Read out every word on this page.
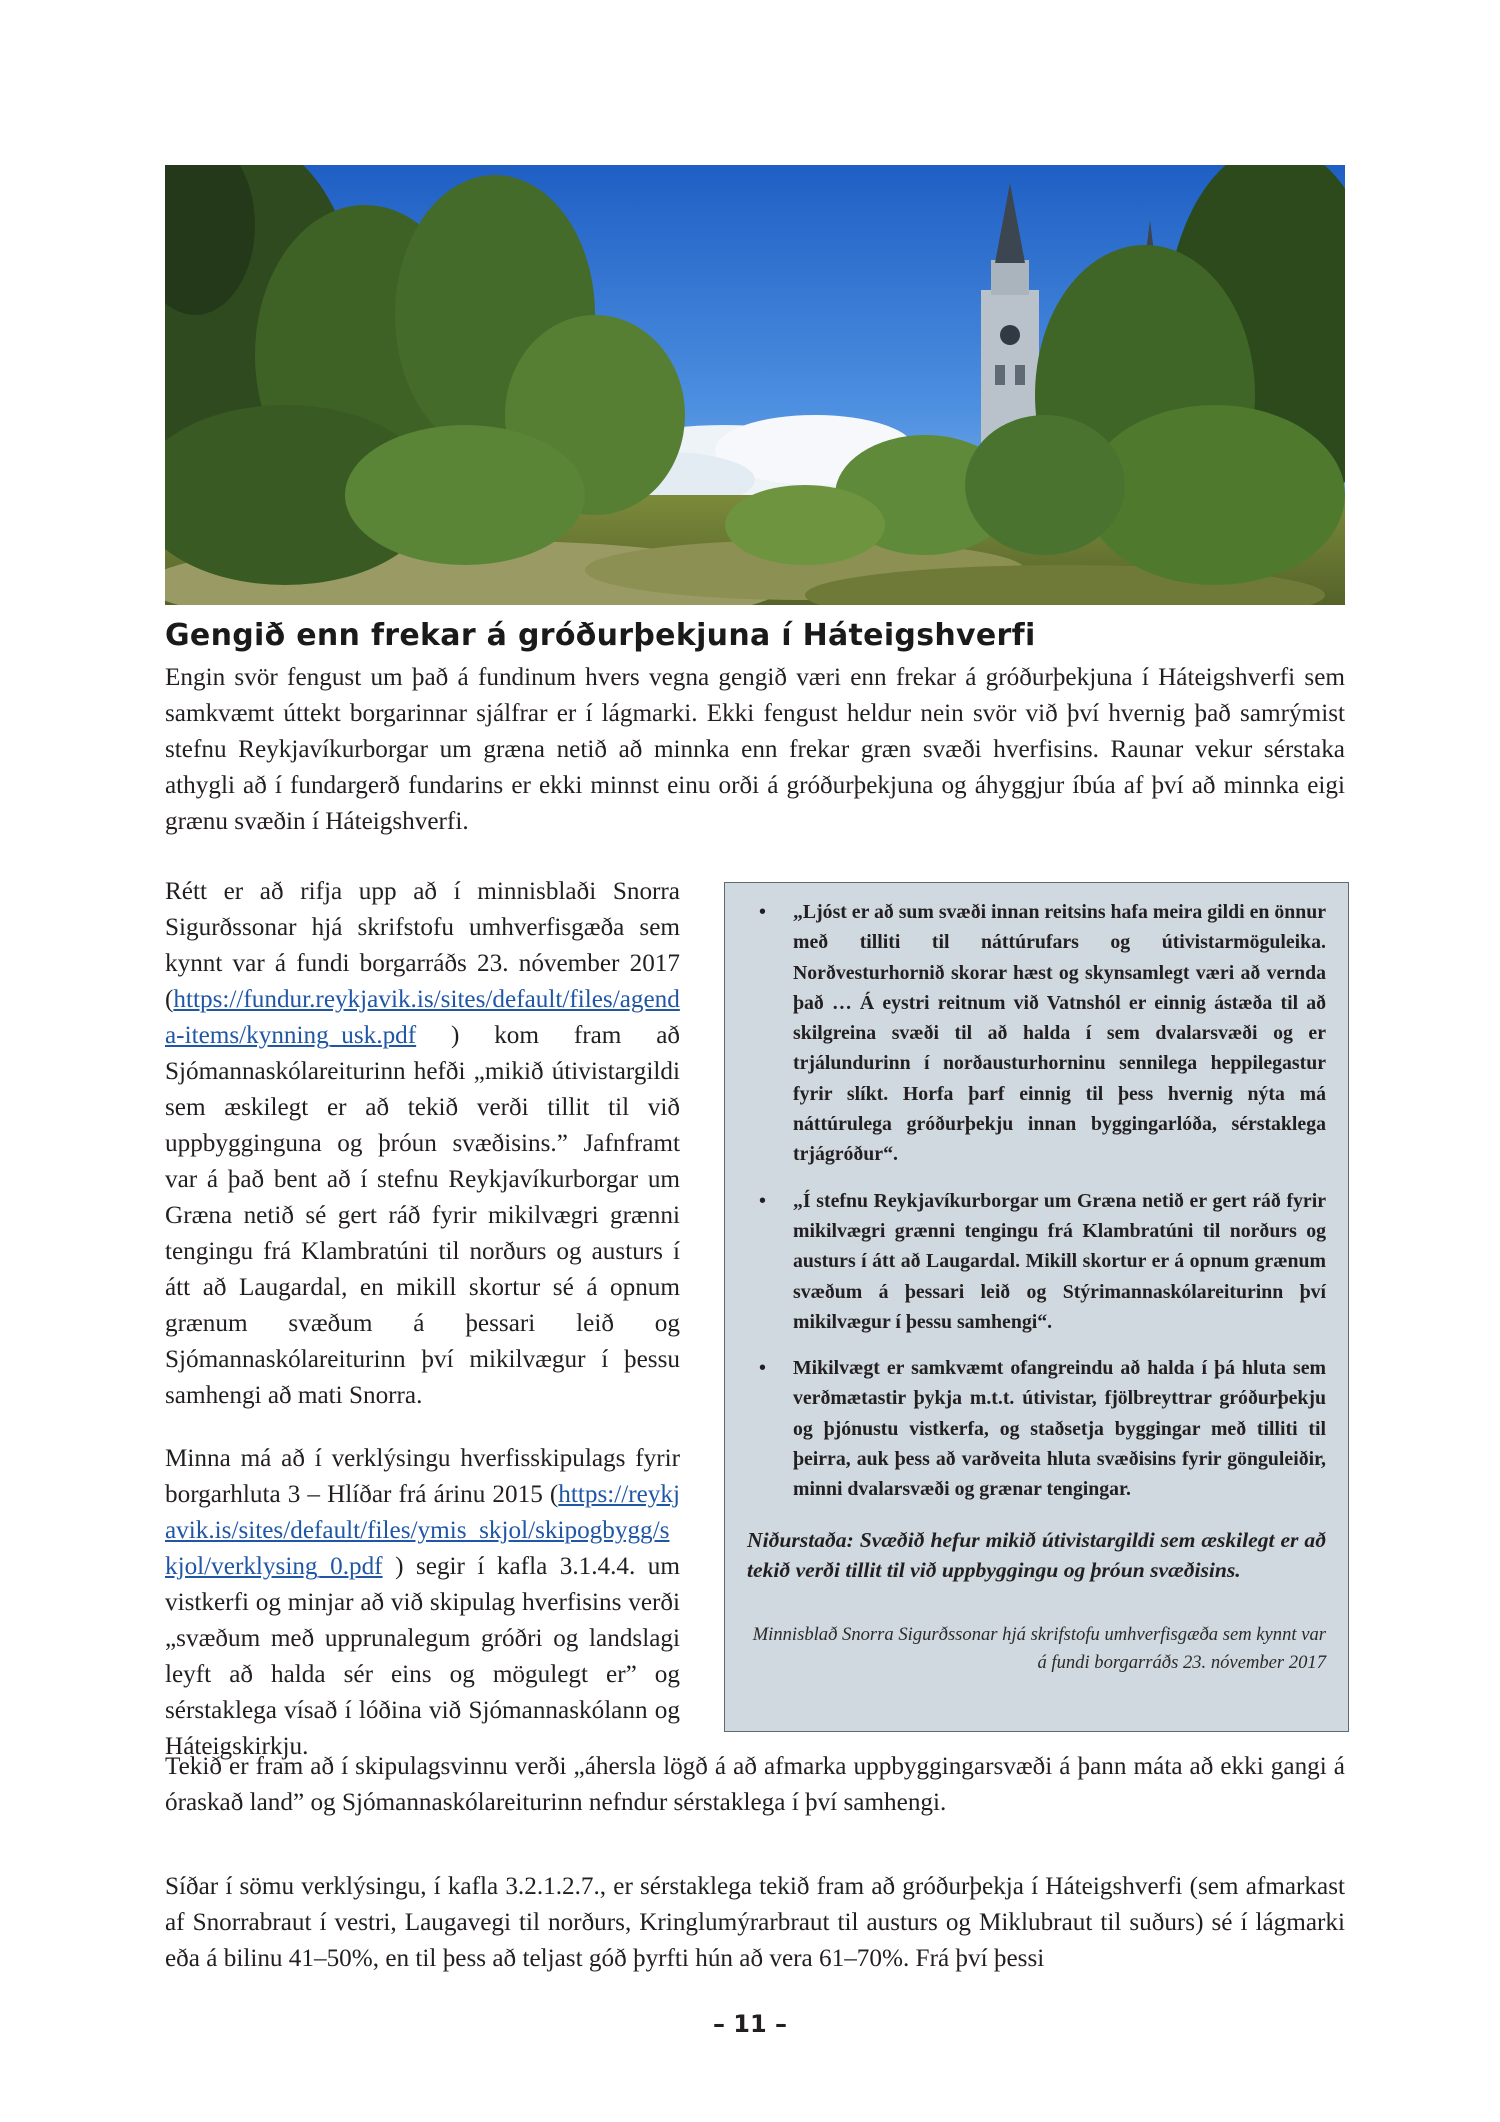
Gengið enn frekar á gróðurþekjuna í Háteigshverfi

Engin svör fengust um það á fundinum hvers vegna gengið væri enn frekar á gróðurþekjuna í Háteigshverfi sem samkvæmt úttekt borgarinnar sjálfrar er í lágmarki. Ekki fengust heldur nein svör við því hvernig það samrýmist stefnu Reykjavíkurborgar um græna netið að minnka enn frekar græn svæði hverfisins. Raunar vekur sérstaka athygli að í fundargerð fundarins er ekki minnst einu orði á gróðurþekjuna og áhyggjur íbúa af því að minnka eigi grænu svæðin í Háteigshverfi.

Rétt er að rifja upp að í minnisblaði Snorra Sigurðssonar hjá skrifstofu umhverfisgæða sem kynnt var á fundi borgarráðs 23. nóvember 2017 (https://fundur.reykjavik.is/sites/default/files/agenda-items/kynning_usk.pdf ) kom fram að Sjómannaskólareiturinn hefði „mikið útivistargildi sem æskilegt er að tekið verði tillit til við uppbygginguna og þróun svæðisins.” Jafnframt var á það bent að í stefnu Reykjavíkurborgar um Græna netið sé gert ráð fyrir mikilvægri grænni tengingu frá Klambratúni til norðurs og austurs í átt að Laugardal, en mikill skortur sé á opnum grænum svæðum á þessari leið og Sjómannaskólareiturinn því mikilvægur í þessu samhengi að mati Snorra.

Minna má að í verklýsingu hverfisskipulags fyrir borgarhluta 3 – Hlíðar frá árinu 2015 (https://reykjavik.is/sites/default/files/ymis_skjol/skipogbygg/skjol/verklysing_0.pdf ) segir í kafla 3.1.4.4. um vistkerfi og minjar að við skipulag hverfisins verði „svæðum með upprunalegum gróðri og landslagi leyft að halda sér eins og mögulegt er” og sérstaklega vísað í lóðina við Sjómannaskólann og Háteigskirkju.

• „Ljóst er að sum svæði innan reitsins hafa meira gildi en önnur með tilliti til náttúrufars og útivistarmöguleika. Norðvesturhornið skorar hæst og skynsamlegt væri að vernda það … Á eystri reitnum við Vatnshól er einnig ástæða til að skilgreina svæði til að halda í sem dvalarsvæði og er trjálundurinn í norðausturhorninu sennilega heppilegastur fyrir slíkt. Horfa þarf einnig til þess hvernig nýta má náttúrulega gróðurþekju innan byggingarlóða, sérstaklega trjágróður“.
• „Í stefnu Reykjavíkurborgar um Græna netið er gert ráð fyrir mikilvægri grænni tengingu frá Klambratúni til norðurs og austurs í átt að Laugardal. Mikill skortur er á opnum grænum svæðum á þessari leið og Stýrimannaskólareiturinn því mikilvægur í þessu samhengi“.
• Mikilvægt er samkvæmt ofangreindu að halda í þá hluta sem verðmætastir þykja m.t.t. útivistar, fjölbreyttrar gróðurþekju og þjónustu vistkerfa, og staðsetja byggingar með tilliti til þeirra, auk þess að varðveita hluta svæðisins fyrir gönguleiðir, minni dvalarsvæði og grænar tengingar.

Niðurstaða: Svæðið hefur mikið útivistargildi sem æskilegt er að tekið verði tillit til við uppbyggingu og þróun svæðisins.

Minnisblað Snorra Sigurðssonar hjá skrifstofu umhverfisgæða sem kynnt var á fundi borgarráðs 23. nóvember 2017

Tekið er fram að í skipulagsvinnu verði „áhersla lögð á að afmarka uppbyggingarsvæði á þann máta að ekki gangi á óraskað land” og Sjómannaskólareiturinn nefndur sérstaklega í því samhengi.

Síðar í sömu verklýsingu, í kafla 3.2.1.2.7., er sérstaklega tekið fram að gróðurþekja í Háteigshverfi (sem afmarkast af Snorrabraut í vestri, Laugavegi til norðurs, Kringlumýrarbraut til austurs og Miklubraut til suðurs) sé í lágmarki eða á bilinu 41–50%, en til þess að teljast góð þyrfti hún að vera 61–70%. Frá því þessi

– 11 –
